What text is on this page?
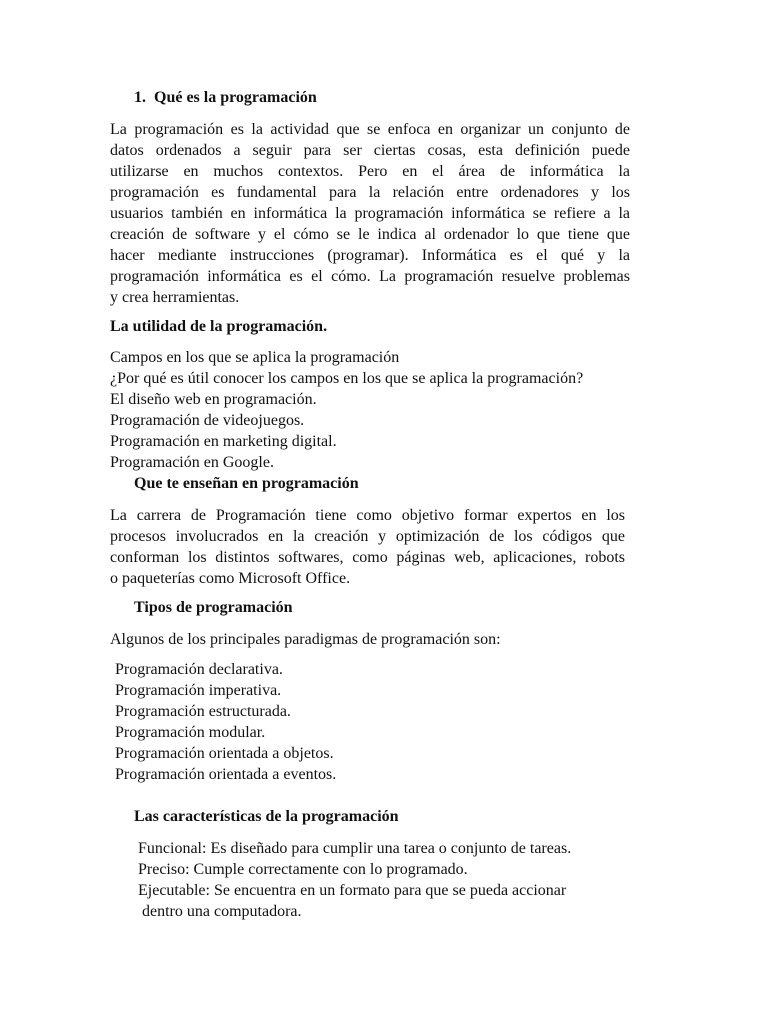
1. Qué es la programación

La programación es la actividad que se enfoca en organizar un conjunto de
datos ordenados a seguir para ser ciertas cosas, esta definición puede
utilizarse en muchos contextos. Pero en el área de informática la
programación es fundamental para la relación entre ordenadores y los
usuarios también en informática la programación informática se refiere a la
creación de software y el cómo se le indica al ordenador lo que tiene que
hacer mediante instrucciones (programar). Informática es el qué y la
programación informática es el cómo. La programación resuelve problemas
y crea herramientas.

La utilidad de la programación.
Campos en los que se aplica la programación
¿Por qué es útil conocer los campos en los que se aplica la programación?
El diseño web en programación.
Programación de videojuegos.
Programación en marketing digital.
Programación en Google.
Que te enseñan en programación

La carrera de Programación tiene como objetivo formar expertos en los
procesos involucrados en la creación y optimización de los códigos que
conforman los distintos softwares, como páginas web, aplicaciones, robots
o paqueterías como Microsoft Office.

Tipos de programación

Algunos de los principales paradigmas de programación son:

Programación declarativa.
Programación imperativa.
Programación estructurada.
Programación modular.
Programación orientada a objetos.
Programación orientada a eventos.
Las características de la programación
Funcional: Es diseñado para cumplir una tarea o conjunto de tareas.
Preciso: Cumple correctamente con lo programado.
Ejecutable: Se encuentra en un formato para que se pueda accionar
dentro una computadora.
